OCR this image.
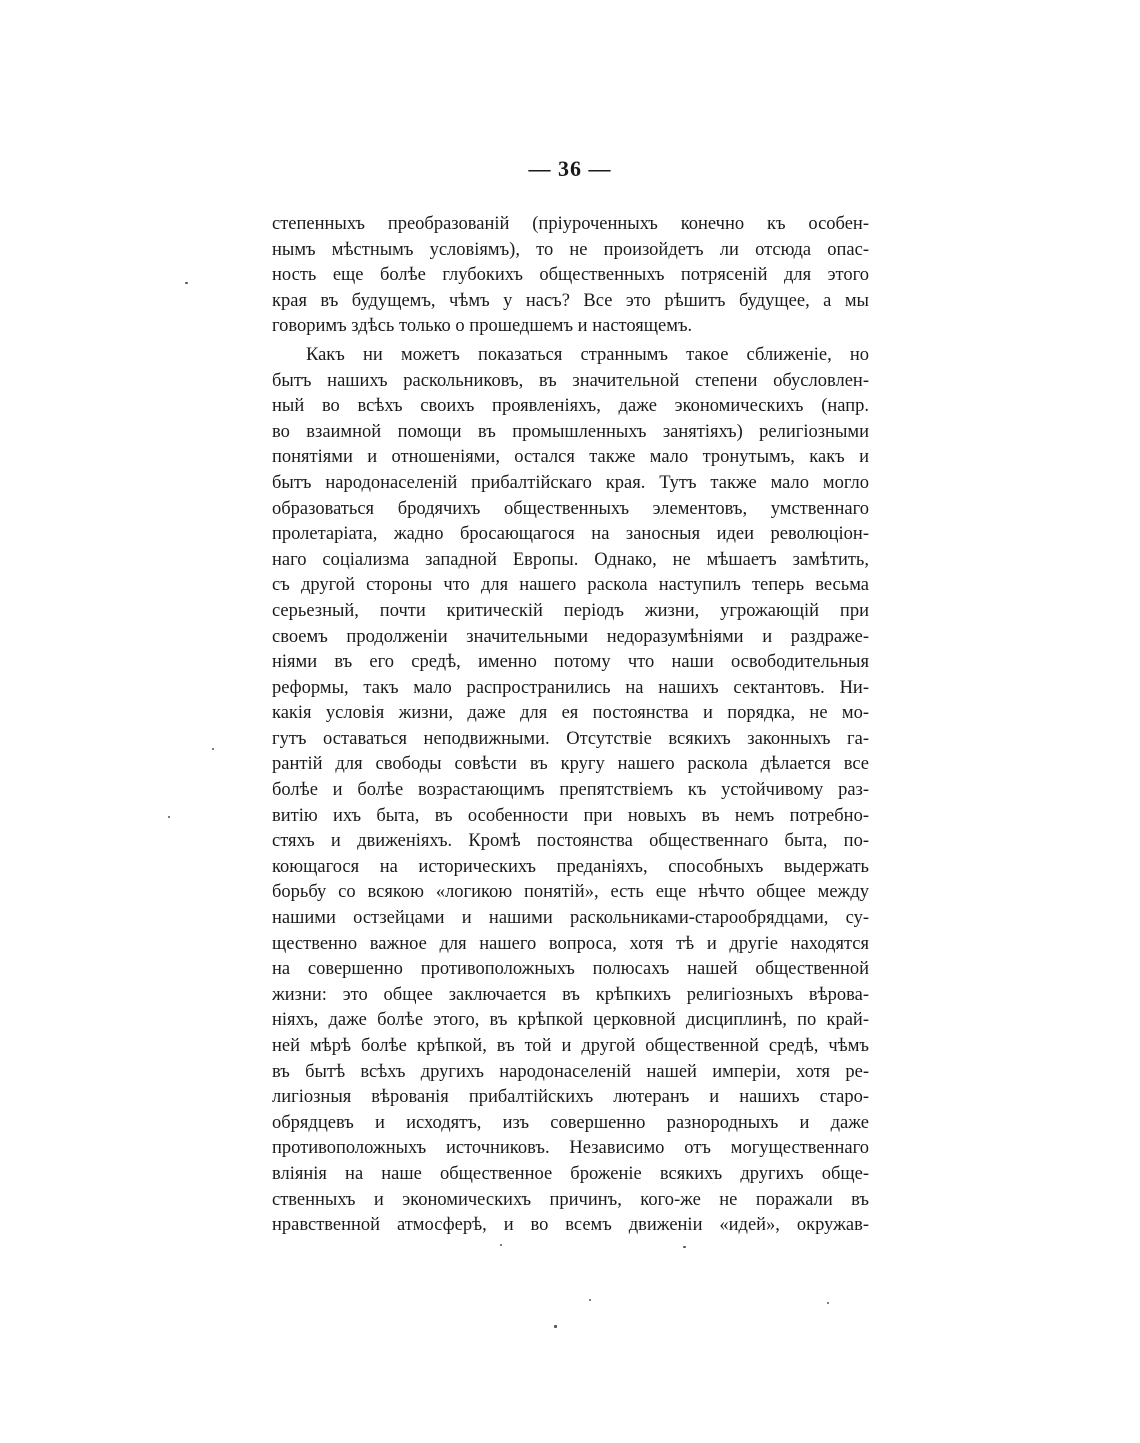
— 36 —
степенныхъ преобразованій (пріуроченныхъ конечно къ особен-
нымъ мѣстнымъ условіямъ), то не произойдетъ ли отсюда опас-
ность еще болѣе глубокихъ общественныхъ потрясеній для этого
края въ будущемъ, чѣмъ у насъ? Все это рѣшитъ будущее, а мы
говоримъ здѣсь только о прошедшемъ и настоящемъ.
Какъ ни можетъ показаться страннымъ такое сближеніе, но
бытъ нашихъ раскольниковъ, въ значительной степени обусловлен-
ный во всѣхъ своихъ проявленіяхъ, даже экономическихъ (напр.
во взаимной помощи въ промышленныхъ занятіяхъ) религіозными
понятіями и отношеніями, остался также мало тронутымъ, какъ и
бытъ народонаселеній прибалтійскаго края. Тутъ также мало могло
образоваться бродячихъ общественныхъ элементовъ, умственнаго
пролетаріата, жадно бросающагося на заносныя идеи революціон-
наго соціализма западной Европы. Однако, не мѣшаетъ замѣтить,
съ другой стороны что для нашего раскола наступилъ теперь весьма
серьезный, почти критическій періодъ жизни, угрожающій при
своемъ продолженіи значительными недоразумѣніями и раздраже-
ніями въ его средѣ, именно потому что наши освободительныя
реформы, такъ мало распространились на нашихъ сектантовъ. Ни-
какія условія жизни, даже для ея постоянства и порядка, не мо-
гутъ оставаться неподвижными. Отсутствіе всякихъ законныхъ га-
рантій для свободы совѣсти въ кругу нашего раскола дѣлается все
болѣе и болѣе возрастающимъ препятствіемъ къ устойчивому раз-
витію ихъ быта, въ особенности при новыхъ въ немъ потребно-
стяхъ и движеніяхъ. Кромѣ постоянства общественнаго быта, по-
коющагося на историческихъ преданіяхъ, способныхъ выдержать
борьбу со всякою «логикою понятій», есть еще нѣчто общее между
нашими остзейцами и нашими раскольниками-старообрядцами, су-
щественно важное для нашего вопроса, хотя тѣ и другіе находятся
на совершенно противоположныхъ полюсахъ нашей общественной
жизни: это общее заключается въ крѣпкихъ религіозныхъ вѣрова-
ніяхъ, даже болѣе этого, въ крѣпкой церковной дисциплинѣ, по край-
ней мѣрѣ болѣе крѣпкой, въ той и другой общественной средѣ, чѣмъ
въ бытѣ всѣхъ другихъ народонаселеній нашей имперіи, хотя ре-
лигіозныя вѣрованія прибалтійскихъ лютеранъ и нашихъ старо-
обрядцевъ и исходятъ, изъ совершенно разнородныхъ и даже
противоположныхъ источниковъ. Независимо отъ могущественнаго
вліянія на наше общественное броженіе всякихъ другихъ обще-
ственныхъ и экономическихъ причинъ, кого-же не поражали въ
нравственной атмосферѣ, и во всемъ движеніи «идей», окружав-
